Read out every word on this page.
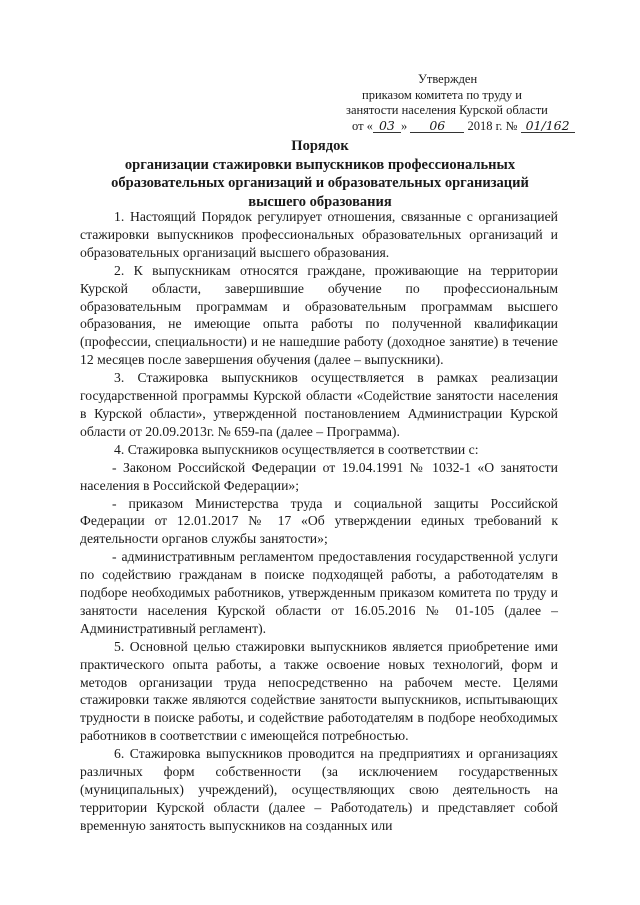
Утвержден
приказом комитета по труду и
занятости населения Курской области
от « 03 » 06 2018 г. № 01/162
Порядок
организации стажировки выпускников профессиональных
образовательных организаций и образовательных организаций
высшего образования

1. Настоящий Порядок регулирует отношения, связанные с организацией стажировки выпускников профессиональных образовательных организаций и образовательных организаций высшего образования.

2. К выпускникам относятся граждане, проживающие на территории Курской области, завершившие обучение по профессиональным образовательным программам и образовательным программам высшего образования, не имеющие опыта работы по полученной квалификации (профессии, специальности) и не нашедшие работу (доходное занятие) в течение 12 месяцев после завершения обучения (далее – выпускники).

3. Стажировка выпускников осуществляется в рамках реализации государственной программы Курской области «Содействие занятости населения в Курской области», утвержденной постановлением Администрации Курской области от 20.09.2013г. № 659-па (далее – Программа).

4. Стажировка выпускников осуществляется в соответствии с:

- Законом Российской Федерации от 19.04.1991 № 1032-1 «О занятости населения в Российской Федерации»;

- приказом Министерства труда и социальной защиты Российской Федерации от 12.01.2017 № 17 «Об утверждении единых требований к деятельности органов службы занятости»;

- административным регламентом предоставления государственной услуги по содействию гражданам в поиске подходящей работы, а работодателям в подборе необходимых работников, утвержденным приказом комитета по труду и занятости населения Курской области от 16.05.2016 № 01-105 (далее – Административный регламент).

5. Основной целью стажировки выпускников является приобретение ими практического опыта работы, а также освоение новых технологий, форм и методов организации труда непосредственно на рабочем месте. Целями стажировки также являются содействие занятости выпускников, испытывающих трудности в поиске работы, и содействие работодателям в подборе необходимых работников в соответствии с имеющейся потребностью.

6. Стажировка выпускников проводится на предприятиях и организациях различных форм собственности (за исключением государственных (муниципальных) учреждений), осуществляющих свою деятельность на территории Курской области (далее – Работодатель) и представляет собой временную занятость выпускников на созданных или
